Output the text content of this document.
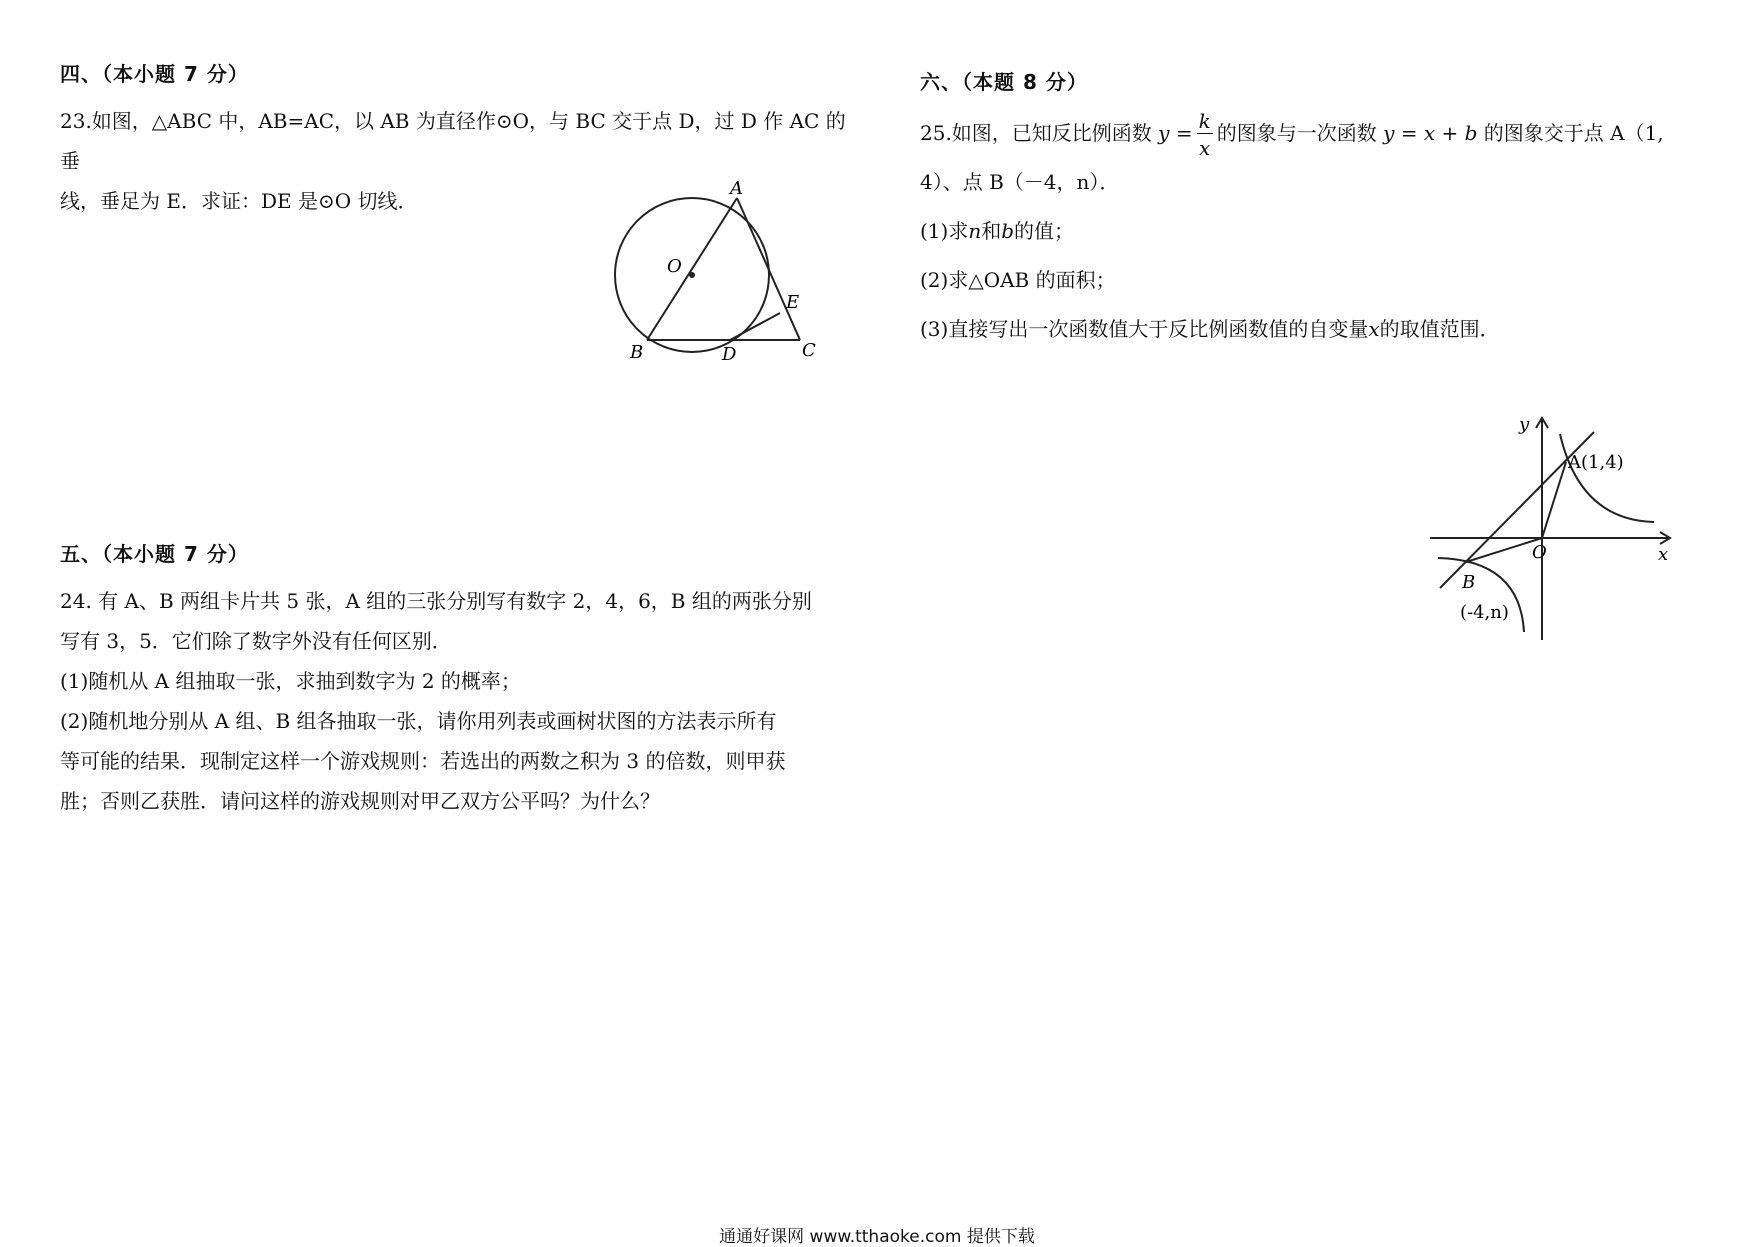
四、（本小题 7 分）

23.如图，△ABC 中，AB=AC，以 AB 为直径作⊙O，与 BC 交于点 D，过 D 作 AC 的垂

线，垂足为 E．求证：DE 是⊙O 切线．

A
O
E
B	D	C
五、（本小题 7 分）

24. 有 A、B 两组卡片共 5 张，A 组的三张分别写有数字 2，4，6，B 组的两张分别

写有 3，5．它们除了数字外没有任何区别．

(1)随机从 A 组抽取一张，求抽到数字为 2 的概率；

(2)随机地分别从 A 组、B 组各抽取一张，请你用列表或画树状图的方法表示所有

等可能的结果．现制定这样一个游戏规则：若选出的两数之积为 3 的倍数，则甲获

胜；否则乙获胜．请问这样的游戏规则对甲乙双方公平吗？为什么？

六、（本题 8 分）

25.如图，已知反比例函数 $y = \frac{k}{x}$ 的图象与一次函数 y = x + b 的图象交于点 A（1,

4）、点 B（－4，n）．

(1)求n和b的值；

(2)求△OAB 的面积；

(3)直接写出一次函数值大于反比例函数值的自变量x的取值范围．

y
x
O
A(1,4)
B
(-4,n)
通通好课网 www.tthaoke.com 提供下载
